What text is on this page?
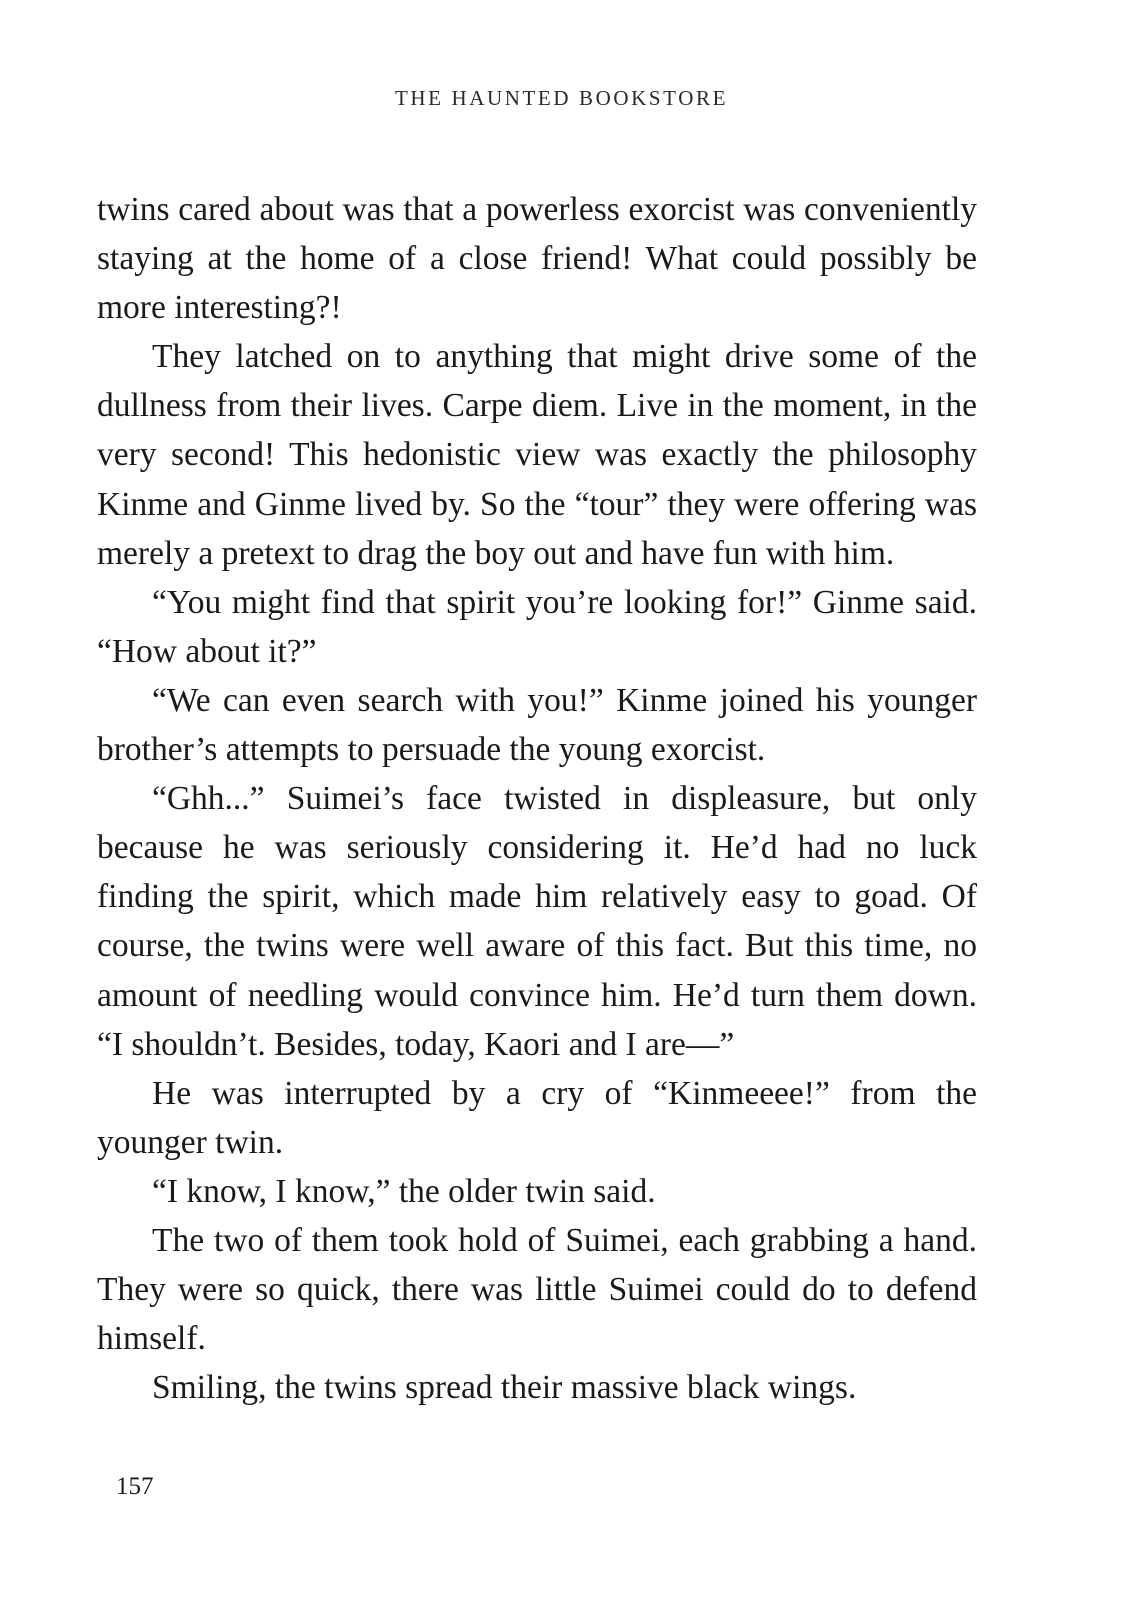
THE HAUNTED BOOKSTORE

twins cared about was that a powerless exorcist was conveniently staying at the home of a close friend! What could possibly be more interesting?!

They latched on to anything that might drive some of the dullness from their lives. Carpe diem. Live in the moment, in the very second! This hedonistic view was exactly the philosophy Kinme and Ginme lived by. So the “tour” they were offering was merely a pretext to drag the boy out and have fun with him.

“You might find that spirit you’re looking for!” Ginme said. “How about it?”

“We can even search with you!” Kinme joined his younger brother’s attempts to persuade the young exorcist.

“Ghh...” Suimei’s face twisted in displeasure, but only because he was seriously considering it. He’d had no luck finding the spirit, which made him relatively easy to goad. Of course, the twins were well aware of this fact. But this time, no amount of needling would convince him. He’d turn them down. “I shouldn’t. Besides, today, Kaori and I are—”

He was interrupted by a cry of “Kinmeeee!” from the younger twin.

“I know, I know,” the older twin said.

The two of them took hold of Suimei, each grabbing a hand. They were so quick, there was little Suimei could do to defend himself.

Smiling, the twins spread their massive black wings.

157
